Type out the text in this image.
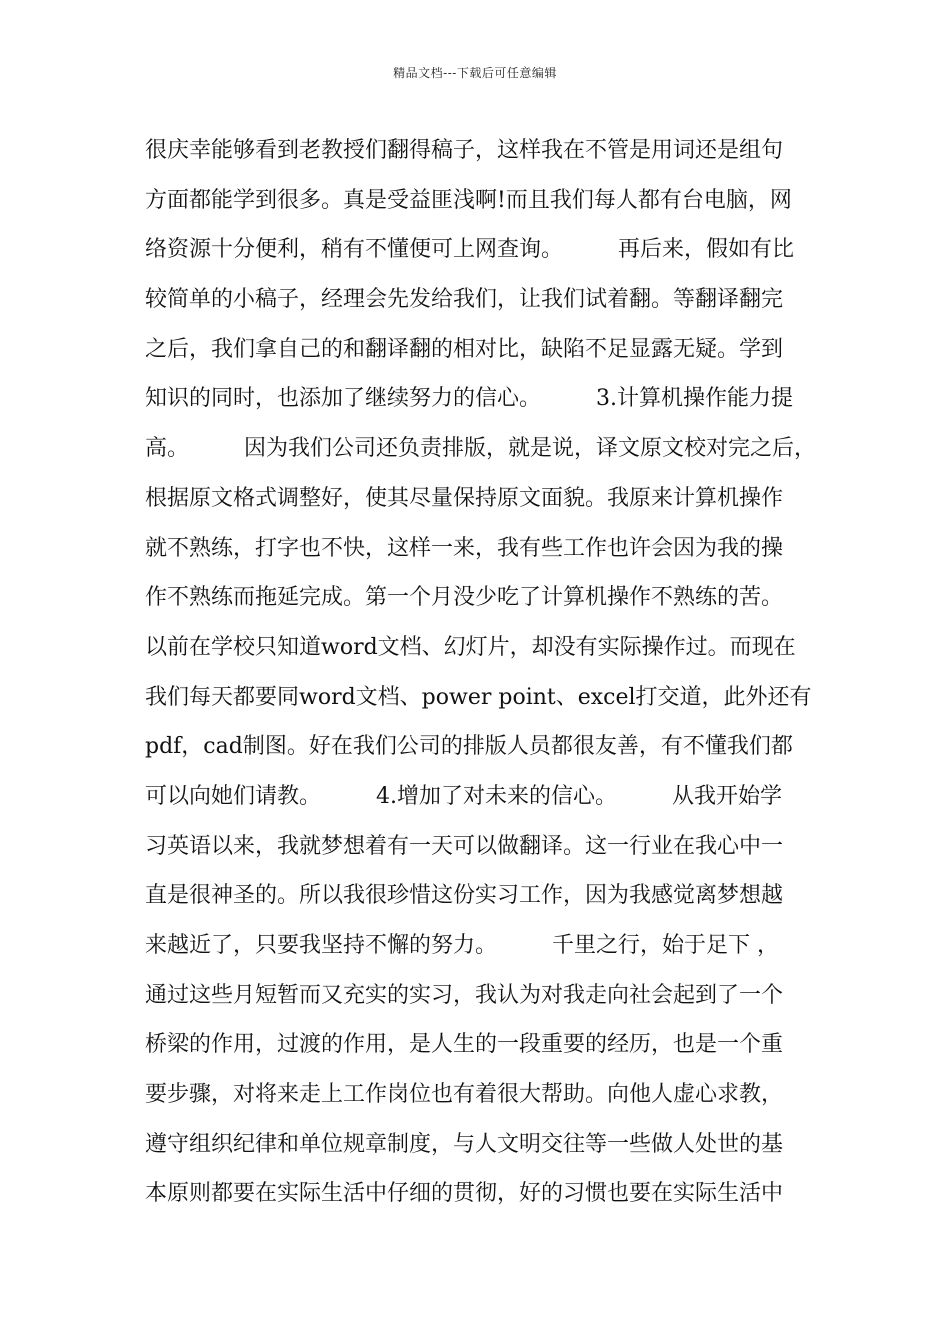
精品文档---下载后可任意编辑
很庆幸能够看到老教授们翻得稿子，这样我在不管是用词还是组句
方面都能学到很多。真是受益匪浅啊!而且我们每人都有台电脑，网
络资源十分便利，稍有不懂便可上网查询。　　　再后来，假如有比
较简单的小稿子，经理会先发给我们，让我们试着翻。等翻译翻完
之后，我们拿自己的和翻译翻的相对比，缺陷不足显露无疑。学到
知识的同时，也添加了继续努力的信心。　　　3.计算机操作能力提
高。　　　因为我们公司还负责排版，就是说，译文原文校对完之后，
根据原文格式调整好，使其尽量保持原文面貌。我原来计算机操作
就不熟练，打字也不快，这样一来，我有些工作也许会因为我的操
作不熟练而拖延完成。第一个月没少吃了计算机操作不熟练的苦。
以前在学校只知道word文档、幻灯片，却没有实际操作过。而现在
我们每天都要同word文档、power point、excel打交道，此外还有
pdf，cad制图。好在我们公司的排版人员都很友善，有不懂我们都
可以向她们请教。　　　4.增加了对未来的信心。　　　从我开始学
习英语以来，我就梦想着有一天可以做翻译。这一行业在我心中一
直是很神圣的。所以我很珍惜这份实习工作，因为我感觉离梦想越
来越近了，只要我坚持不懈的努力。　　　千里之行，始于足下 ，
通过这些月短暂而又充实的实习，我认为对我走向社会起到了一个
桥梁的作用，过渡的作用，是人生的一段重要的经历，也是一个重
要步骤，对将来走上工作岗位也有着很大帮助。向他人虚心求教，
遵守组织纪律和单位规章制度，与人文明交往等一些做人处世的基
本原则都要在实际生活中仔细的贯彻，好的习惯也要在实际生活中
